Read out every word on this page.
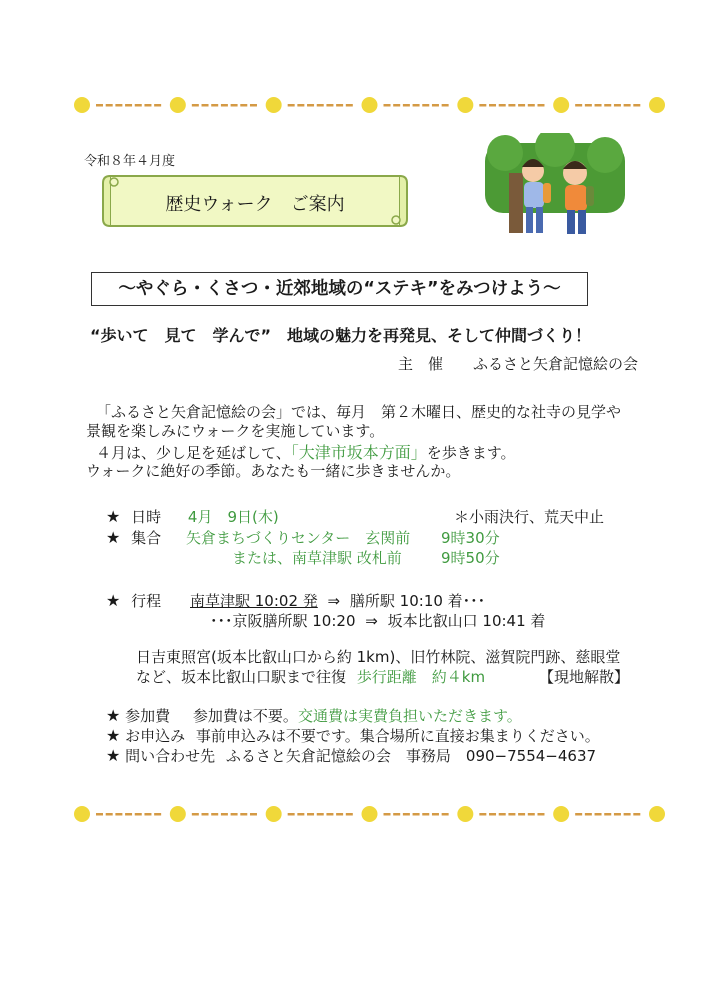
令和８年４月度
歴史ウォーク　ご案内
～やぐら・くさつ・近郊地域の“ステキ”をみつけよう～
“歩いて　見て　学んで”　地域の魅力を再発見、そして仲間づくり！
主　催　　 ふるさと矢倉記憶絵の会
「ふるさと矢倉記憶絵の会」では、毎月　第２木曜日、歴史的な社寺の見学や
景観を楽しみにウォークを実施しています。
４月は、少し足を延ばして、「大津市坂本方面」を歩きます。
ウォークに絶好の季節。あなたも一緒に歩きませんか。
★ 日時 4月　9日(木)	＊小雨決行、荒天中止
★ 集合 矢倉まちづくりセンター　玄関前 9時30分
または、南草津駅 改札前	9時50分
★ 行程 南草津駅 10:02 発 ⇒ 膳所駅 10:10 着･･･
･･･京阪膳所駅 10:20 ⇒ 坂本比叡山口 10:41 着
日吉東照宮(坂本比叡山口から約 1km)、旧竹林院、滋賀院門跡、慈眼堂
など、坂本比叡山口駅まで往復 歩行距離　約４km	【現地解散】
★ 参加費 参加費は不要。交通費は実費負担いただきます。
★ お申込み 事前申込みは不要です。集合場所に直接お集まりください。
★ 問い合わせ先 ふるさと矢倉記憶絵の会　事務局　090−7554−4637
